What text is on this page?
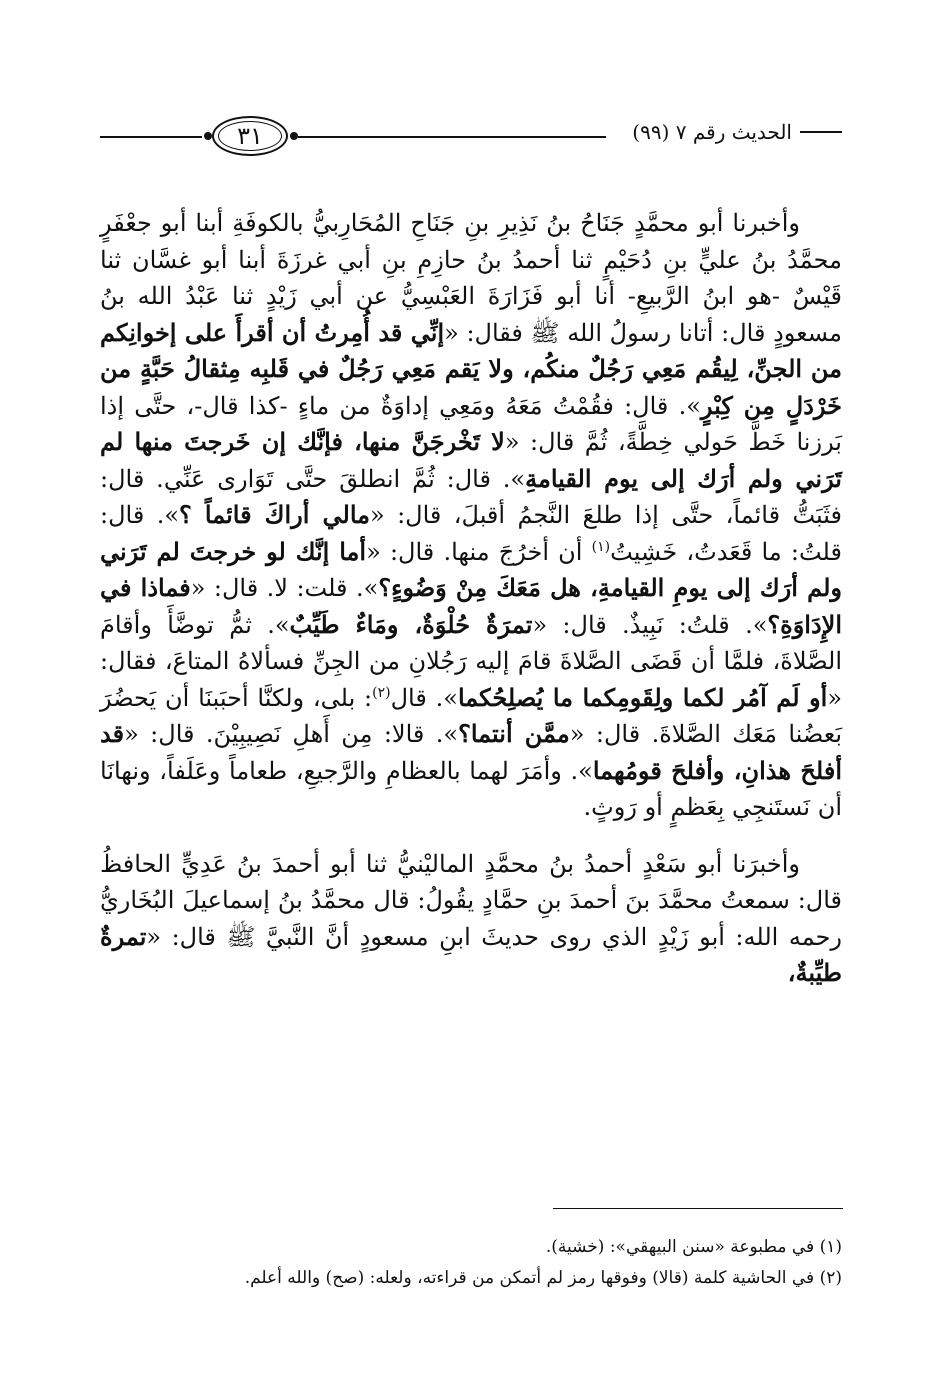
٣١	الحديث رقم ٧ (٩٩)

وأخبرنا أبو محمَّدٍ جَنَاحُ بنُ نَذِيرِ بنِ جَنَاحِ المُحَارِبيُّ بالكوفَةِ أبنا أبو جعْفَرٍ محمَّدُ بنُ عليٍّ بنِ دُحَيْمٍ ثنا أحمدُ بنُ حازِمِ بنِ أبي غرزَةَ أبنا أبو غسَّان ثنا قَيْسٌ -هو ابنُ الرَّبيعِ- أنا أبو فَزَارَةَ العَبْسِيُّ عن أبي زَيْدٍ ثنا عَبْدُ الله بنُ مسعودٍ قال: أتانا رسولُ الله ﷺ فقال: «إنِّي قد أُمِرتُ أن أقرأَ على إخوانِكم من الجنِّ، لِيقُم مَعِي رَجُلٌ منكُم، ولا يَقم مَعِي رَجُلٌ في قَلبِه مِثقالُ حَبَّةٍ من خَرْدَلٍ مِن كِبْرٍ». قال: فقُمْتُ مَعَهُ ومَعِي إداوَةٌ من ماءٍ -كذا قال-، حتَّى إذا بَرزنا خَطَّ حَولي خِطَّةً، ثُمَّ قال: «لا تَخْرجَنَّ منها، فإنَّك إن خَرجتَ منها لم تَرَني ولم أرَك إلى يوم القيامةِ». قال: ثُمَّ انطلقَ حتَّى تَوَارى عَنِّي. قال: فثَبَتُّ قائماً، حتَّى إذا طلعَ النَّجمُ أقبلَ، قال: «مالي أراكَ قائماً ؟». قال: قلتُ: ما قَعَدتُ، خَشِيتُ$^{(١)}$ أن أخرُجَ منها. قال: «أما إنَّك لو خرجتَ لم تَرَني ولم أرَك إلى يومِ القيامةِ، هل مَعَكَ مِنْ وَضُوءٍ؟». قلت: لا. قال: «فماذا في الإِدَاوَةِ؟». قلتُ: نَبِيذٌ. قال: «تمرَةٌ حُلْوَةٌ، ومَاءٌ طَيِّبٌ». ثمُّ توضَّأَ وأقامَ الصَّلاةَ، فلمَّا أن قَضَى الصَّلاةَ قامَ إليه رَجُلانِ من الجِنِّ فسألاهُ المتاعَ، فقال: «أو لَم آمُر لكما ولِقَومِكما ما يُصلِحُكما». قال$^{(٢)}$: بلى، ولكنَّا أحبَبنَا أن يَحضُرَ بَعضُنا مَعَك الصَّلاةَ. قال: «ممَّن أنتما؟». قالا: مِن أَهلِ نَصِيبِيْنَ. قال: «قد أفلحَ هذانِ، وأفلحَ قومُهما». وأمَرَ لهما بالعظامِ والرَّجيعِ، طعاماً وعَلَفاً، ونهانَا أن نَستَنجِي بِعَظمٍ أو رَوثٍ.

وأخبرَنا أبو سَعْدٍ أحمدُ بنُ محمَّدٍ الماليْنيُّ ثنا أبو أحمدَ بنُ عَدِيٍّ الحافظُ قال: سمعتُ محمَّدَ بنَ أحمدَ بنِ حمَّادٍ يقُولُ: قال محمَّدُ بنُ إسماعيلَ البُخَاريُّ رحمه الله: أبو زَيْدٍ الذي روى حديثَ ابنِ مسعودٍ أنَّ النَّبيَّ ﷺ قال: «تمرةٌ طيِّبةٌ،

(١) في مطبوعة «سنن البيهقي»: (خشية).

(٢) في الحاشية كلمة (قالا) وفوقها رمز لم أتمكن من قراءته، ولعله: (صح) والله أعلم.
